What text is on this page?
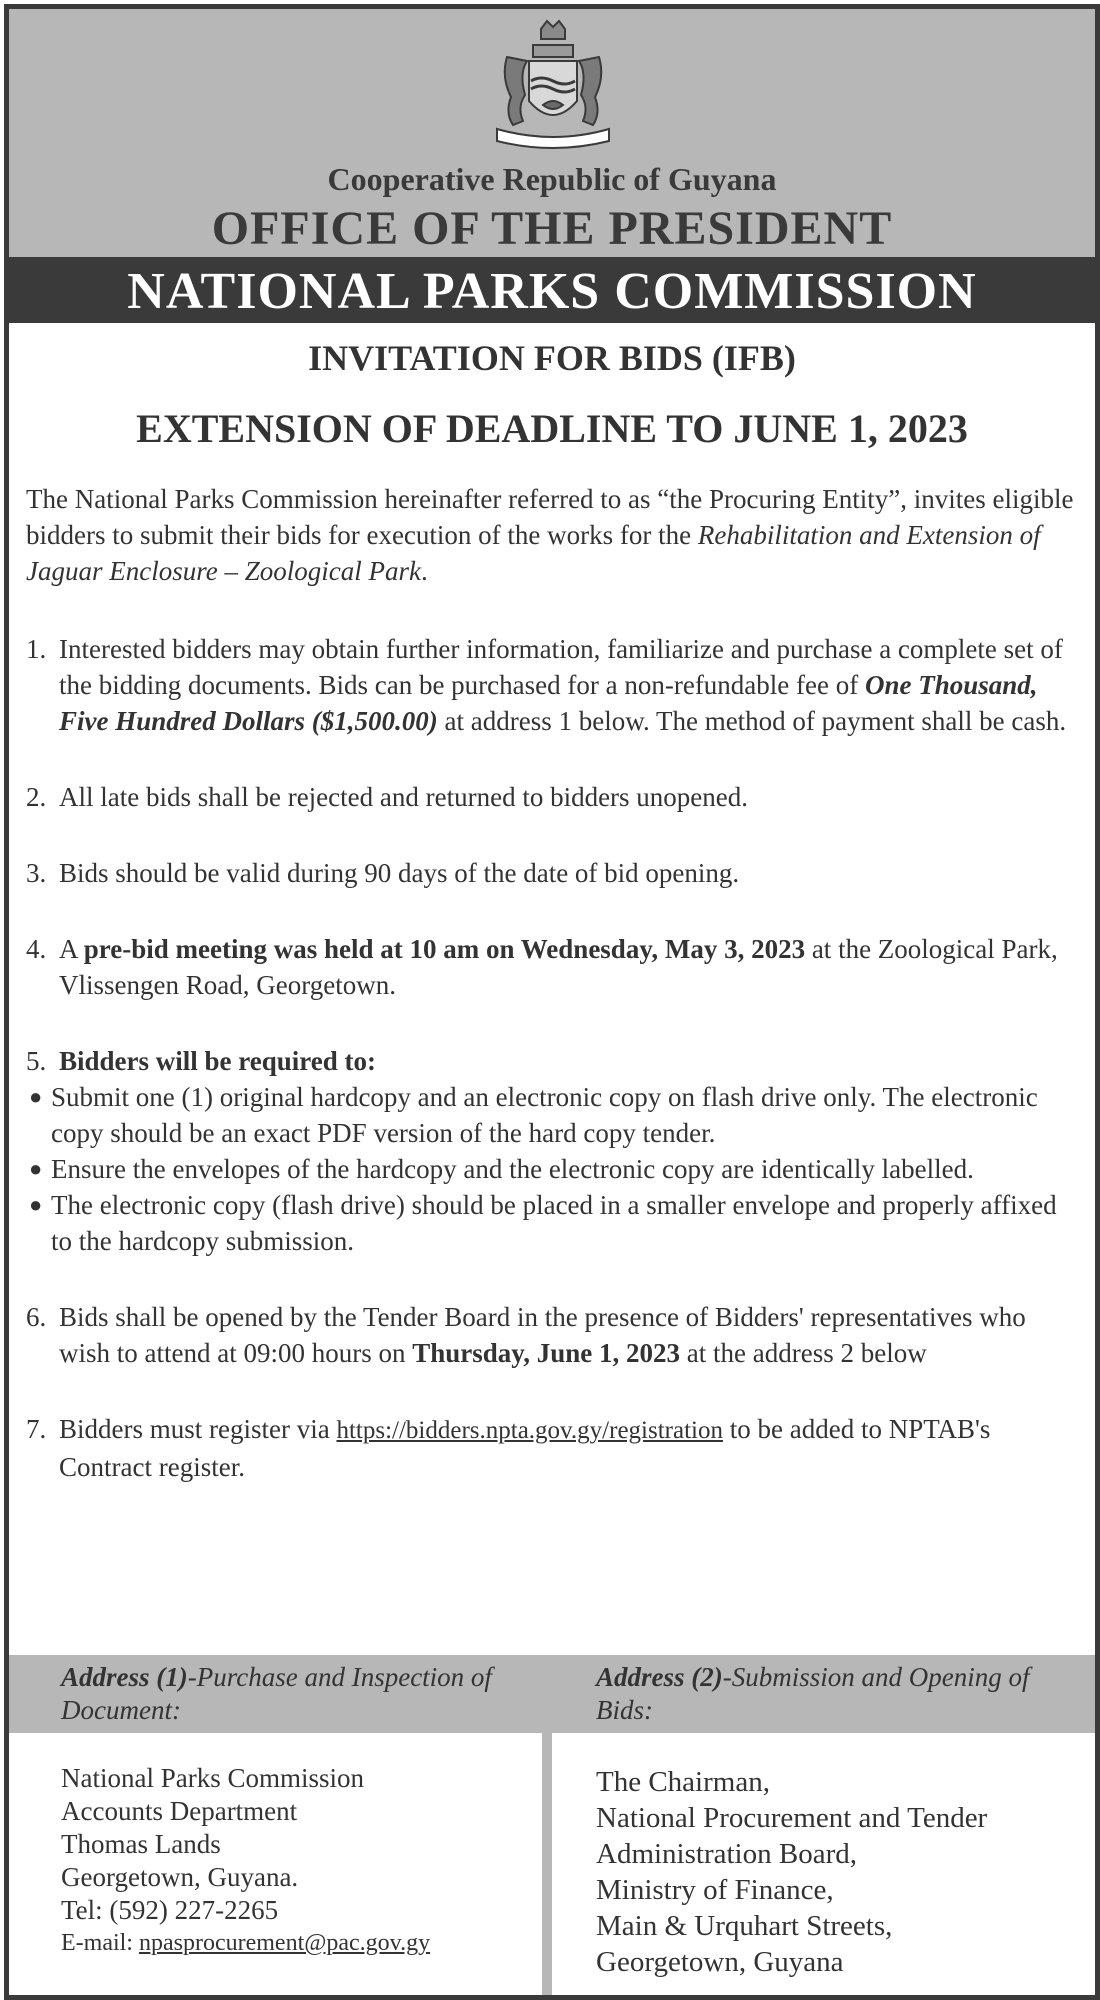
Cooperative Republic of Guyana
OFFICE OF THE PRESIDENT
NATIONAL PARKS COMMISSION
INVITATION FOR BIDS (IFB)
EXTENSION OF DEADLINE TO JUNE 1, 2023
The National Parks Commission hereinafter referred to as “the Procuring Entity”, invites eligible bidders to submit their bids for execution of the works for the Rehabilitation and Extension of Jaguar Enclosure – Zoological Park.
1. Interested bidders may obtain further information, familiarize and purchase a complete set of the bidding documents. Bids can be purchased for a non-refundable fee of One Thousand, Five Hundred Dollars ($1,500.00) at address 1 below. The method of payment shall be cash.
2. All late bids shall be rejected and returned to bidders unopened.
3. Bids should be valid during 90 days of the date of bid opening.
4. A pre-bid meeting was held at 10 am on Wednesday, May 3, 2023 at the Zoological Park, Vlissengen Road, Georgetown.
5. Bidders will be required to:
● Submit one (1) original hardcopy and an electronic copy on flash drive only. The electronic copy should be an exact PDF version of the hard copy tender.
● Ensure the envelopes of the hardcopy and the electronic copy are identically labelled.
● The electronic copy (flash drive) should be placed in a smaller envelope and properly affixed to the hardcopy submission.
6. Bids shall be opened by the Tender Board in the presence of Bidders' representatives who wish to attend at 09:00 hours on Thursday, June 1, 2023 at the address 2 below
7. Bidders must register via https://bidders.npta.gov.gy/registration to be added to NPTAB's Contract register.
Address (1)-Purchase and Inspection of Document:
Address (2)-Submission and Opening of Bids:
National Parks Commission
Accounts Department
Thomas Lands
Georgetown, Guyana.
Tel: (592) 227-2265
E-mail: npasprocurement@pac.gov.gy
The Chairman,
National Procurement and Tender
Administration Board,
Ministry of Finance,
Main & Urquhart Streets,
Georgetown, Guyana
